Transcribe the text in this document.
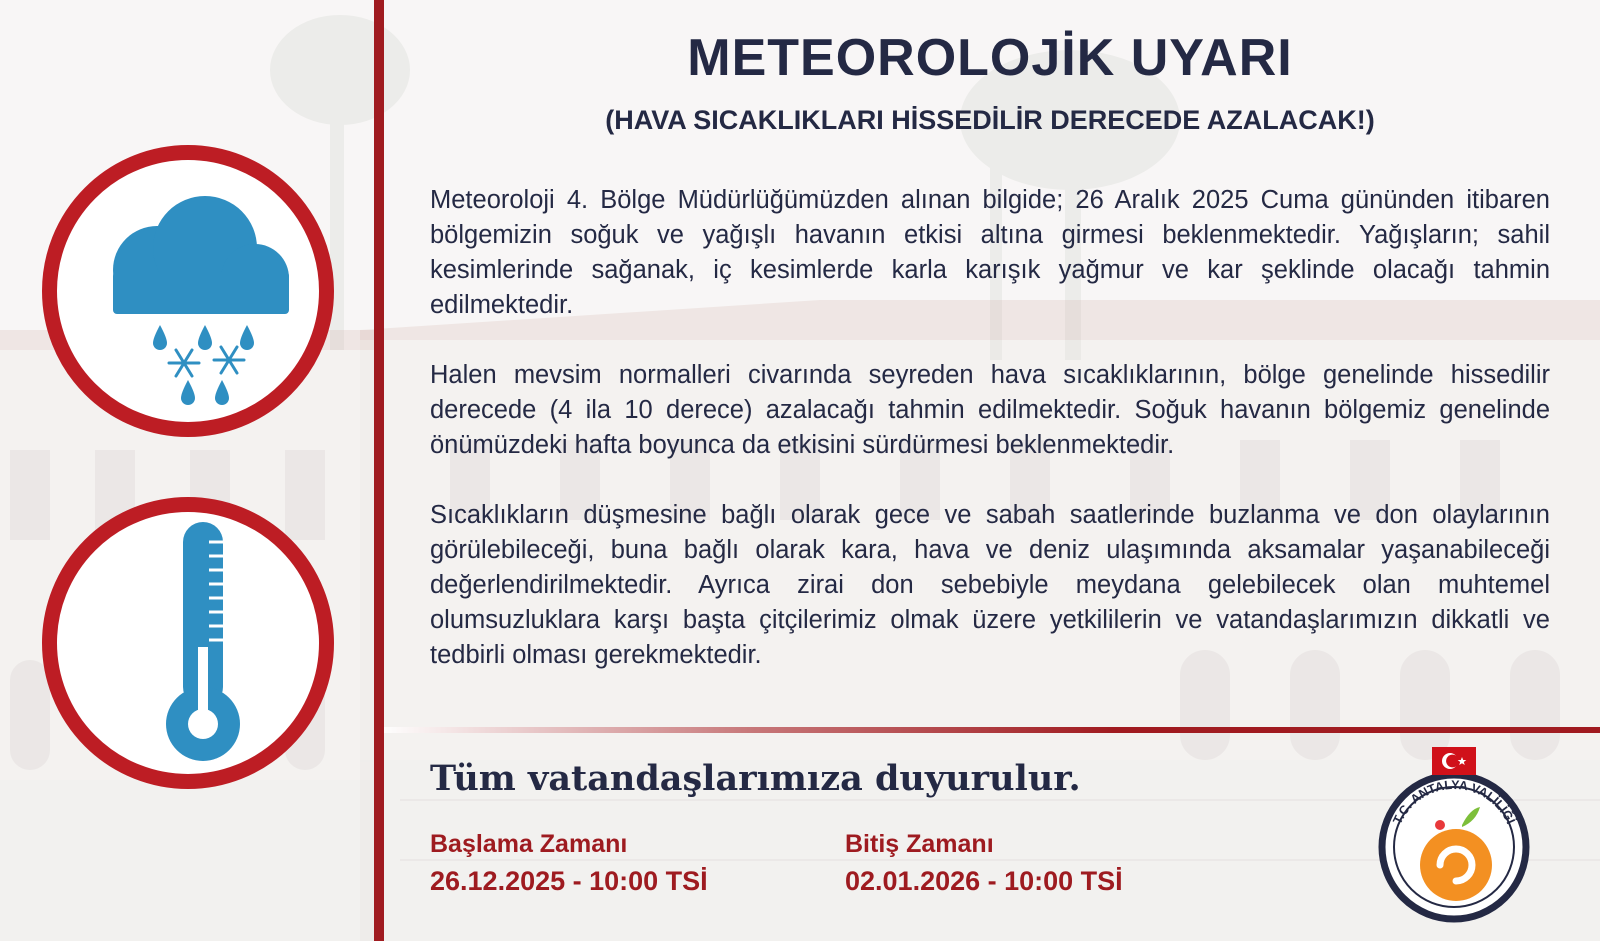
METEOROLOJİK UYARI
(HAVA SICAKLIKLARI HİSSEDİLİR DERECEDE AZALACAK!)

Meteoroloji 4. Bölge Müdürlüğümüzden alınan bilgide; 26 Aralık 2025 Cuma gününden itibaren bölgemizin soğuk ve yağışlı havanın etkisi altına girmesi beklenmektedir. Yağışların; sahil kesimlerinde sağanak, iç kesimlerde karla karışık yağmur ve kar şeklinde olacağı tahmin edilmektedir.

Halen mevsim normalleri civarında seyreden hava sıcaklıklarının, bölge genelinde hissedilir derecede (4 ila 10 derece) azalacağı tahmin edilmektedir. Soğuk havanın bölgemiz genelinde önümüzdeki hafta boyunca da etkisini sürdürmesi beklenmektedir.

Sıcaklıkların düşmesine bağlı olarak gece ve sabah saatlerinde buzlanma ve don olaylarının görülebileceği, buna bağlı olarak kara, hava ve deniz ulaşımında aksamalar yaşanabileceği değerlendirilmektedir. Ayrıca zirai don sebebiyle meydana gelebilecek olan muhtemel olumsuzluklara karşı başta çitçilerimiz olmak üzere yetkililerin ve vatandaşlarımızın dikkatli ve tedbirli olması gerekmektedir.

Tüm vatandaşlarımıza duyurulur.

Başlama Zamanı
26.12.2025 - 10:00 TSİ
Bitiş Zamanı
02.01.2026 - 10:00 TSİ
T.C. ANTALYA VALİLİĞİ
